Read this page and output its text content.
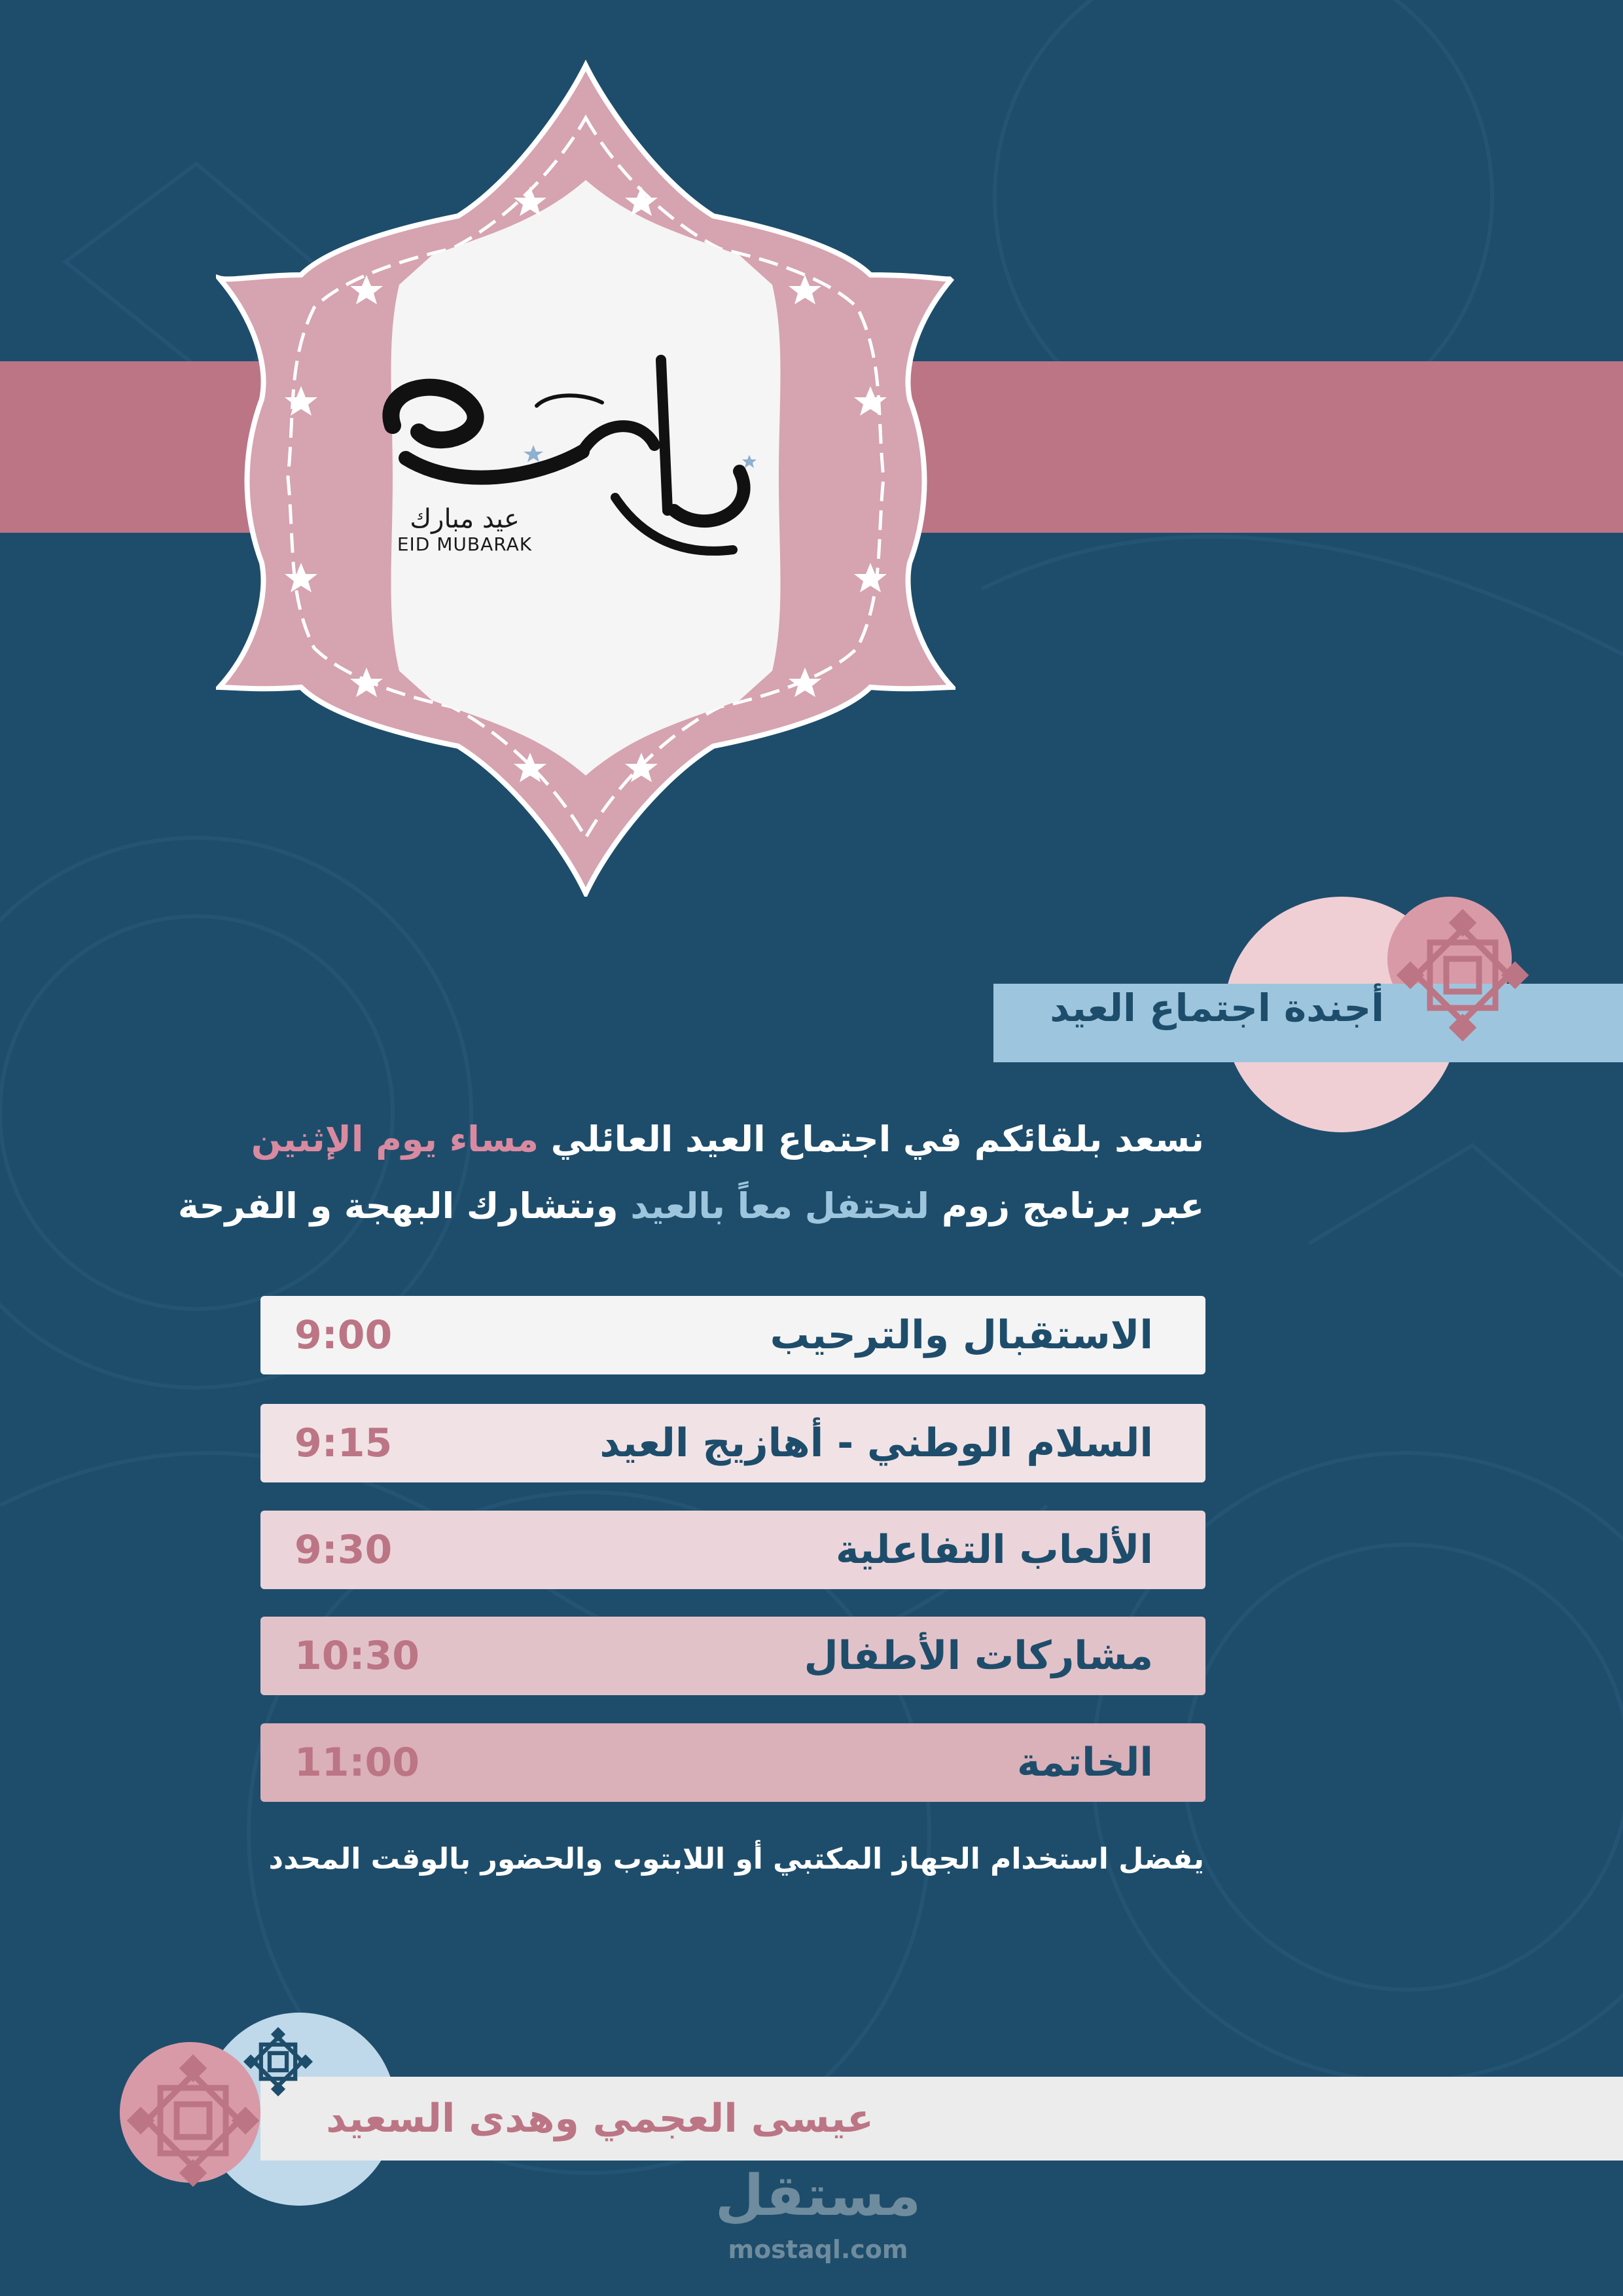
عيد مبارك
EID MUBARAK
أجندة اجتماع العيد
نسعد بلقائكم في اجتماع العيد العائلي مساء يوم الإثنين
عبر برنامج زوم لنحتفل معاً بالعيد ونتشارك البهجة و الفرحة
الاستقبال والترحيب
9:00
السلام الوطني - أهازيج العيد
9:15
الألعاب التفاعلية
9:30
مشاركات الأطفال
10:30
الخاتمة
11:00
يفضل استخدام الجهاز المكتبي أو اللابتوب والحضور بالوقت المحدد
عيسى العجمي وهدى السعيد
مستقل
mostaql.com
